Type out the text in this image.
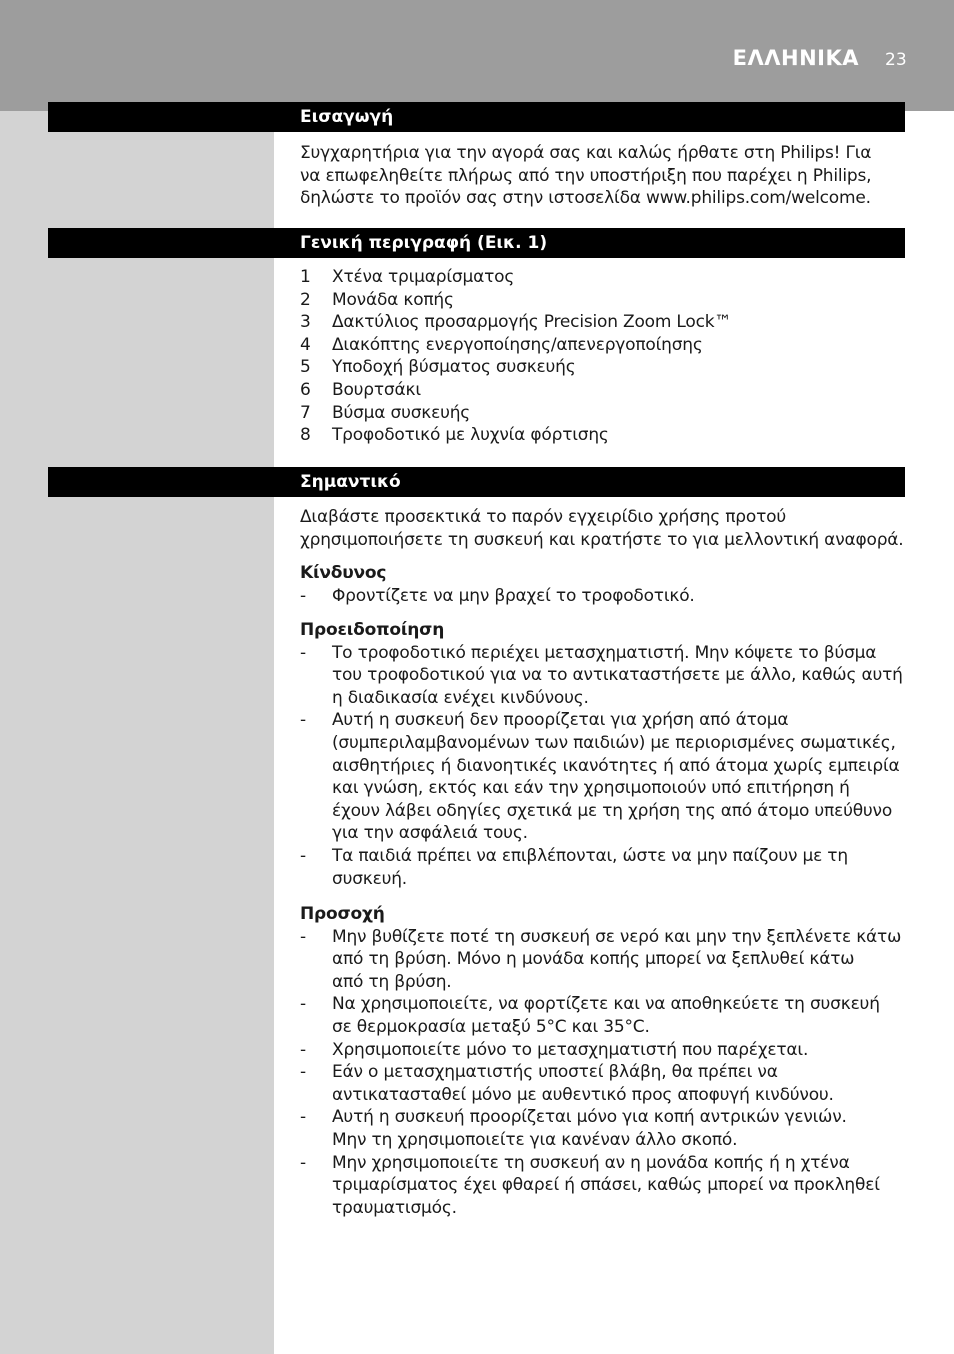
ΕΛΛΗΝΙΚΑ 23
Εισαγωγή

Συγχαρητήρια για την αγορά σας και καλώς ήρθατε στη Philips! Για

να επωφεληθείτε πλήρως από την υποστήριξη που παρέχει η Philips,

δηλώστε το προϊόν σας στην ιστοσελίδα www.philips.com/welcome.

Γενική περιγραφή (Εικ. 1)
1 Χτένα τριμαρίσματος
2 Μονάδα κοπής
3 Δακτύλιος προσαρμογής Precision Zoom Lock™
4 Διακόπτης ενεργοποίησης/απενεργοποίησης
5 Υποδοχή βύσματος συσκευής
6 Βουρτσάκι
7 Βύσμα συσκευής
8 Τροφοδοτικό με λυχνία φόρτισης
Σημαντικό

Διαβάστε προσεκτικά το παρόν εγχειρίδιο χρήσης προτού

χρησιμοποιήσετε τη συσκευή και κρατήστε το για μελλοντική αναφορά.

Κίνδυνος

- Φροντίζετε να μην βραχεί το τροφοδοτικό.

Προειδοποίηση

- Το τροφοδοτικό περιέχει μετασχηματιστή. Μην κόψετε το βύσμα

του τροφοδοτικού για να το αντικαταστήσετε με άλλο, καθώς αυτή

η διαδικασία ενέχει κινδύνους.

- Αυτή η συσκευή δεν προορίζεται για χρήση από άτομα

(συμπεριλαμβανομένων των παιδιών) με περιορισμένες σωματικές,

αισθητήριες ή διανοητικές ικανότητες ή από άτομα χωρίς εμπειρία

και γνώση, εκτός και εάν την χρησιμοποιούν υπό επιτήρηση ή

έχουν λάβει οδηγίες σχετικά με τη χρήση της από άτομο υπεύθυνο

για την ασφάλειά τους.

- Τα παιδιά πρέπει να επιβλέπονται, ώστε να μην παίζουν με τη

συσκευή.

Προσοχή

- Μην βυθίζετε ποτέ τη συσκευή σε νερό και μην την ξεπλένετε κάτω

από τη βρύση. Μόνο η μονάδα κοπής μπορεί να ξεπλυθεί κάτω

από τη βρύση.

- Να χρησιμοποιείτε, να φορτίζετε και να αποθηκεύετε τη συσκευή

σε θερμοκρασία μεταξύ 5°C και 35°C.

- Χρησιμοποιείτε μόνο το μετασχηματιστή που παρέχεται.

- Εάν ο μετασχηματιστής υποστεί βλάβη, θα πρέπει να

αντικατασταθεί μόνο με αυθεντικό προς αποφυγή κινδύνου.

- Αυτή η συσκευή προορίζεται μόνο για κοπή αντρικών γενιών.

Μην τη χρησιμοποιείτε για κανέναν άλλο σκοπό.

- Μην χρησιμοποιείτε τη συσκευή αν η μονάδα κοπής ή η χτένα

τριμαρίσματος έχει φθαρεί ή σπάσει, καθώς μπορεί να προκληθεί

τραυματισμός.
